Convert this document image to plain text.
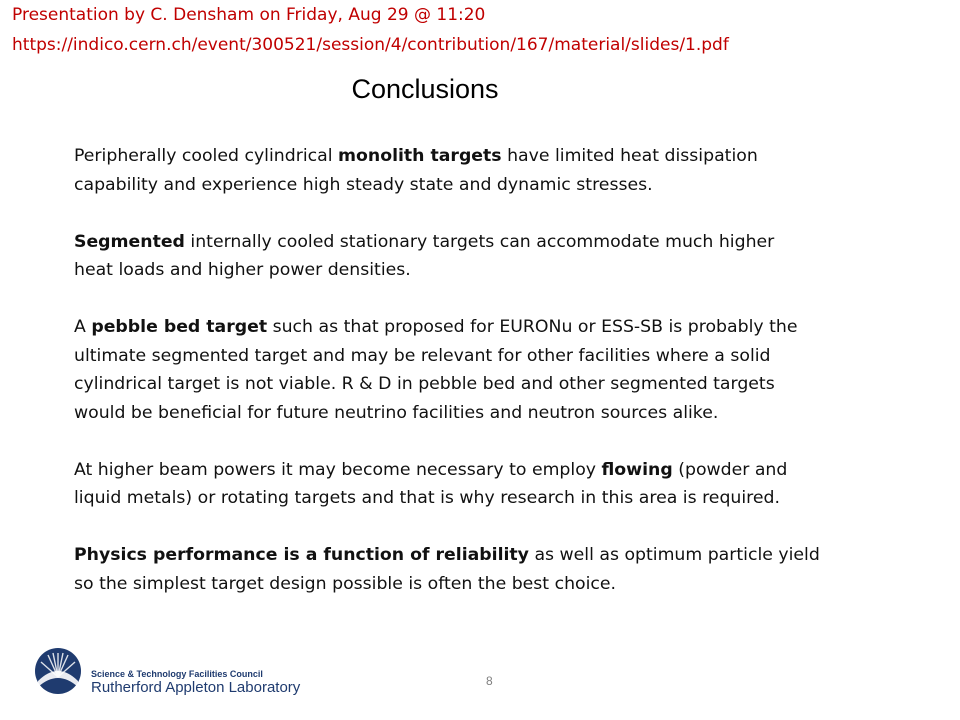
Presentation by C. Densham on Friday, Aug 29 @ 11:20
https://indico.cern.ch/event/300521/session/4/contribution/167/material/slides/1.pdf
Conclusions
Peripherally cooled cylindrical monolith targets have limited heat dissipation
capability and experience high steady state and dynamic stresses.
Segmented internally cooled stationary targets can accommodate much higher
heat loads and higher power densities.
A pebble bed target such as that proposed for EURONu or ESS-SB is probably the
ultimate segmented target and may be relevant for other facilities where a solid
cylindrical target is not viable. R & D in pebble bed and other segmented targets
would be beneficial for future neutrino facilities and neutron sources alike.
At higher beam powers it may become necessary to employ flowing (powder and
liquid metals) or rotating targets and that is why research in this area is required.
Physics performance is a function of reliability as well as optimum particle yield
so the simplest target design possible is often the best choice.
Science & Technology Facilities Council
Rutherford Appleton Laboratory	8
